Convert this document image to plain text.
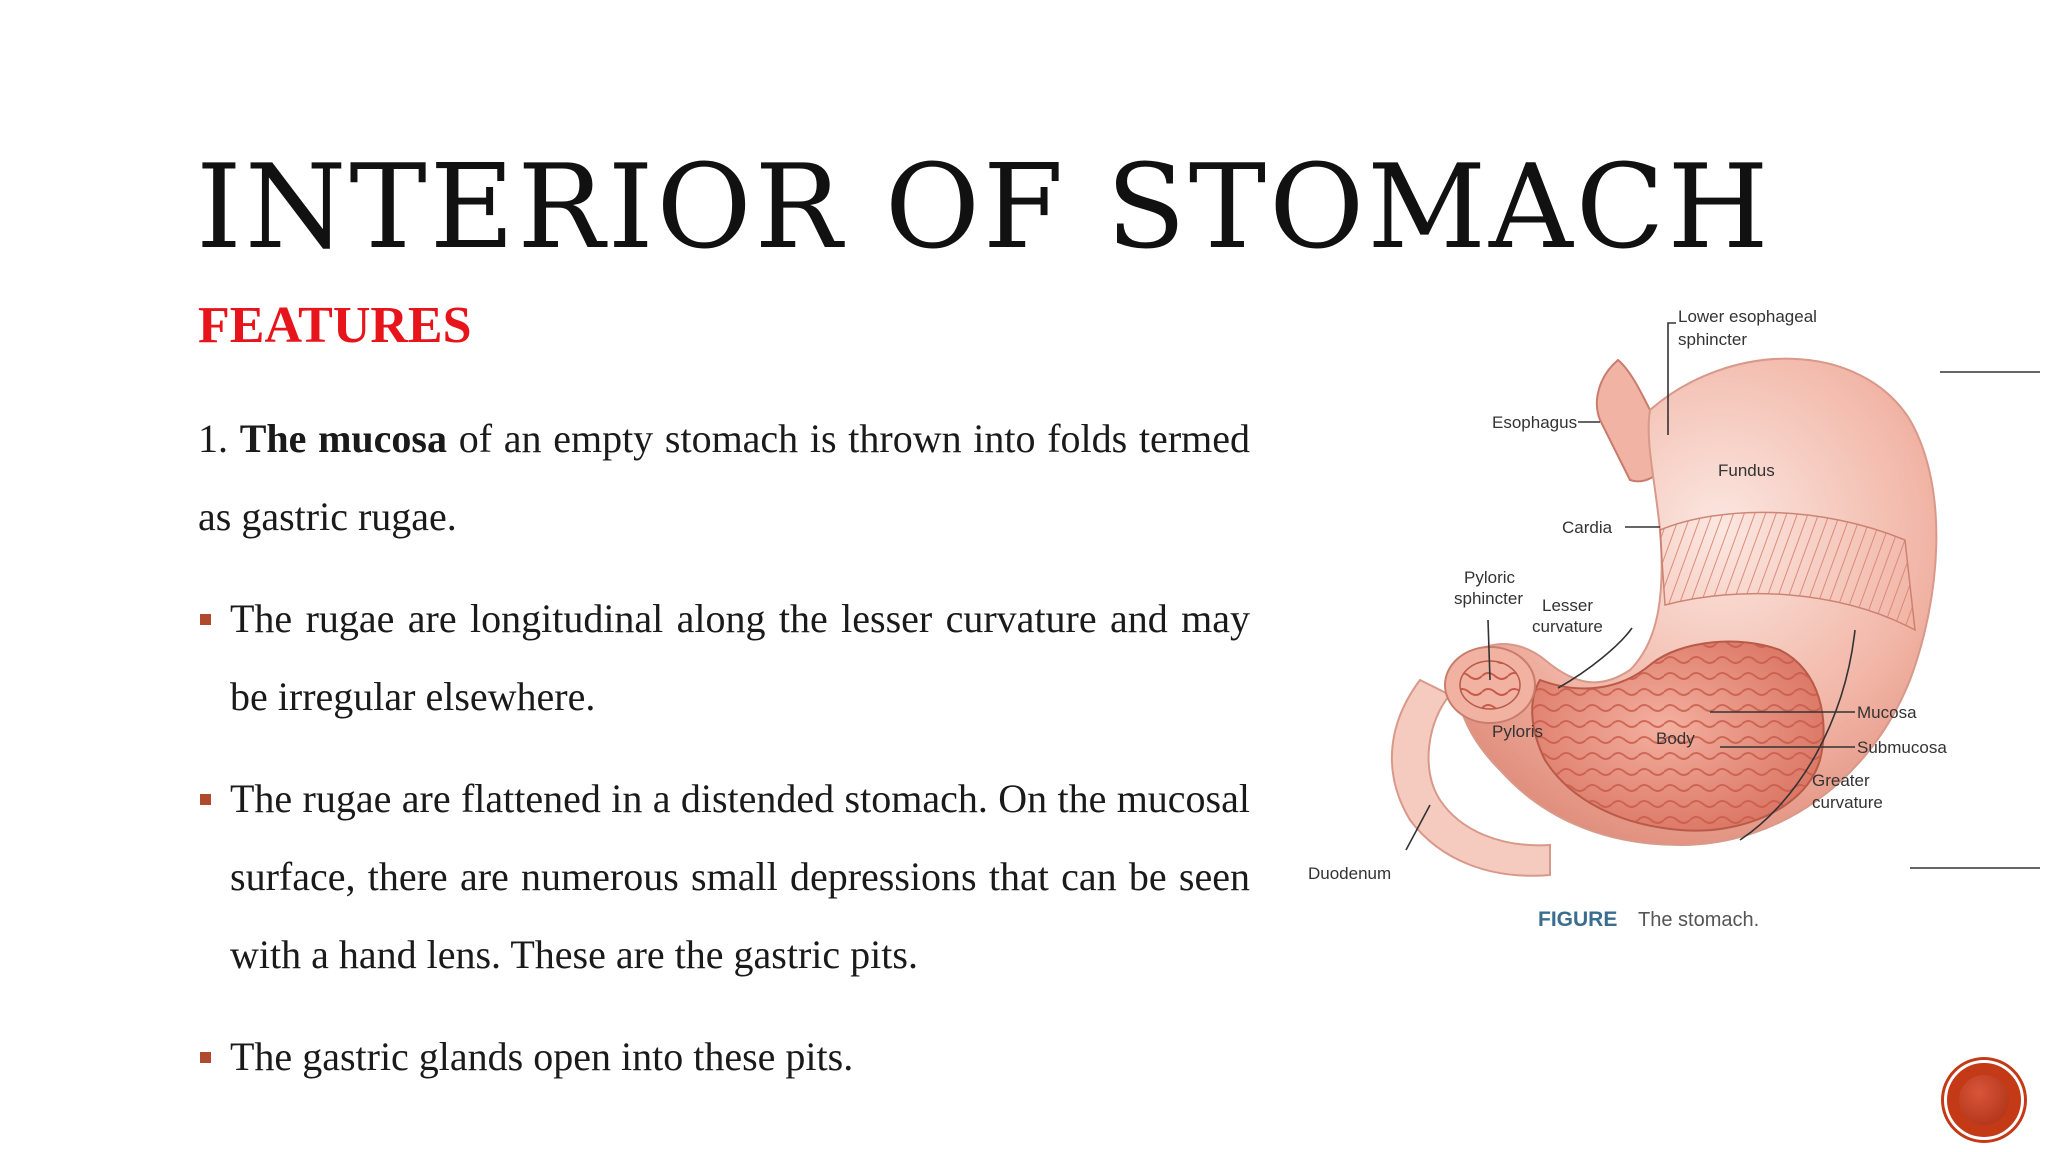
INTERIOR OF STOMACH
FEATURES

1. The mucosa of an empty stomach is thrown into folds termed as gastric rugae.

The rugae are longitudinal along the lesser curvature and may be irregular elsewhere.

The rugae are flattened in a distended stomach. On the mucosal surface, there are numerous small depressions that can be seen with a hand lens. These are the gastric pits.

The gastric glands open into these pits.

Lower esophageal
sphincter
Esophagus
Fundus
Cardia
Pyloric
sphincter Lesser
curvature
Mucosa
Pyloris	Body	Submucosa
Greater
curvature
Duodenum
FIGURE The stomach.
